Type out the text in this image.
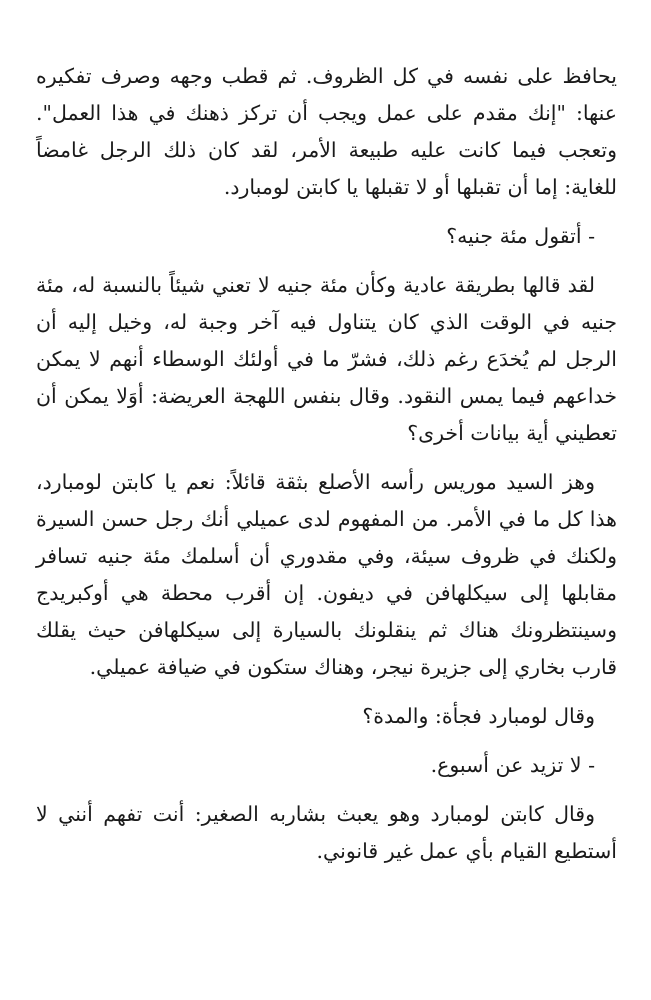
يحافظ على نفسه في كل الظروف. ثم قطب وجهه وصرف تفكيره عنها: "إنك مقدم على عمل ويجب أن تركز ذهنك في هذا العمل". وتعجب فيما كانت عليه طبيعة الأمر، لقد كان ذلك الرجل غامضاً للغاية: إما أن تقبلها أو لا تقبلها يا كابتن لومبارد.

- أتقول مئة جنيه؟

لقد قالها بطريقة عادية وكأن مئة جنيه لا تعني شيئاً بالنسبة له، مئة جنيه في الوقت الذي كان يتناول فيه آخر وجبة له، وخيل إليه أن الرجل لم يُخدَع رغم ذلك، فشرّ ما في أولئك الوسطاء أنهم لا يمكن خداعهم فيما يمس النقود. وقال بنفس اللهجة العريضة: أوَلا يمكن أن تعطيني أية بيانات أخرى؟

وهز السيد موريس رأسه الأصلع بثقة قائلاً: نعم يا كابتن لومبارد، هذا كل ما في الأمر. من المفهوم لدى عميلي أنك رجل حسن السيرة ولكنك في ظروف سيئة، وفي مقدوري أن أسلمك مئة جنيه تسافر مقابلها إلى سيكلهافن في ديفون. إن أقرب محطة هي أوكبريدج وسينتظرونك هناك ثم ينقلونك بالسيارة إلى سيكلهافن حيث يقلك قارب بخاري إلى جزيرة نيجر، وهناك ستكون في ضيافة عميلي.

وقال لومبارد فجأة: والمدة؟

- لا تزيد عن أسبوع.

وقال كابتن لومبارد وهو يعبث بشاربه الصغير: أنت تفهم أنني لا أستطيع القيام بأي عمل غير قانوني.
